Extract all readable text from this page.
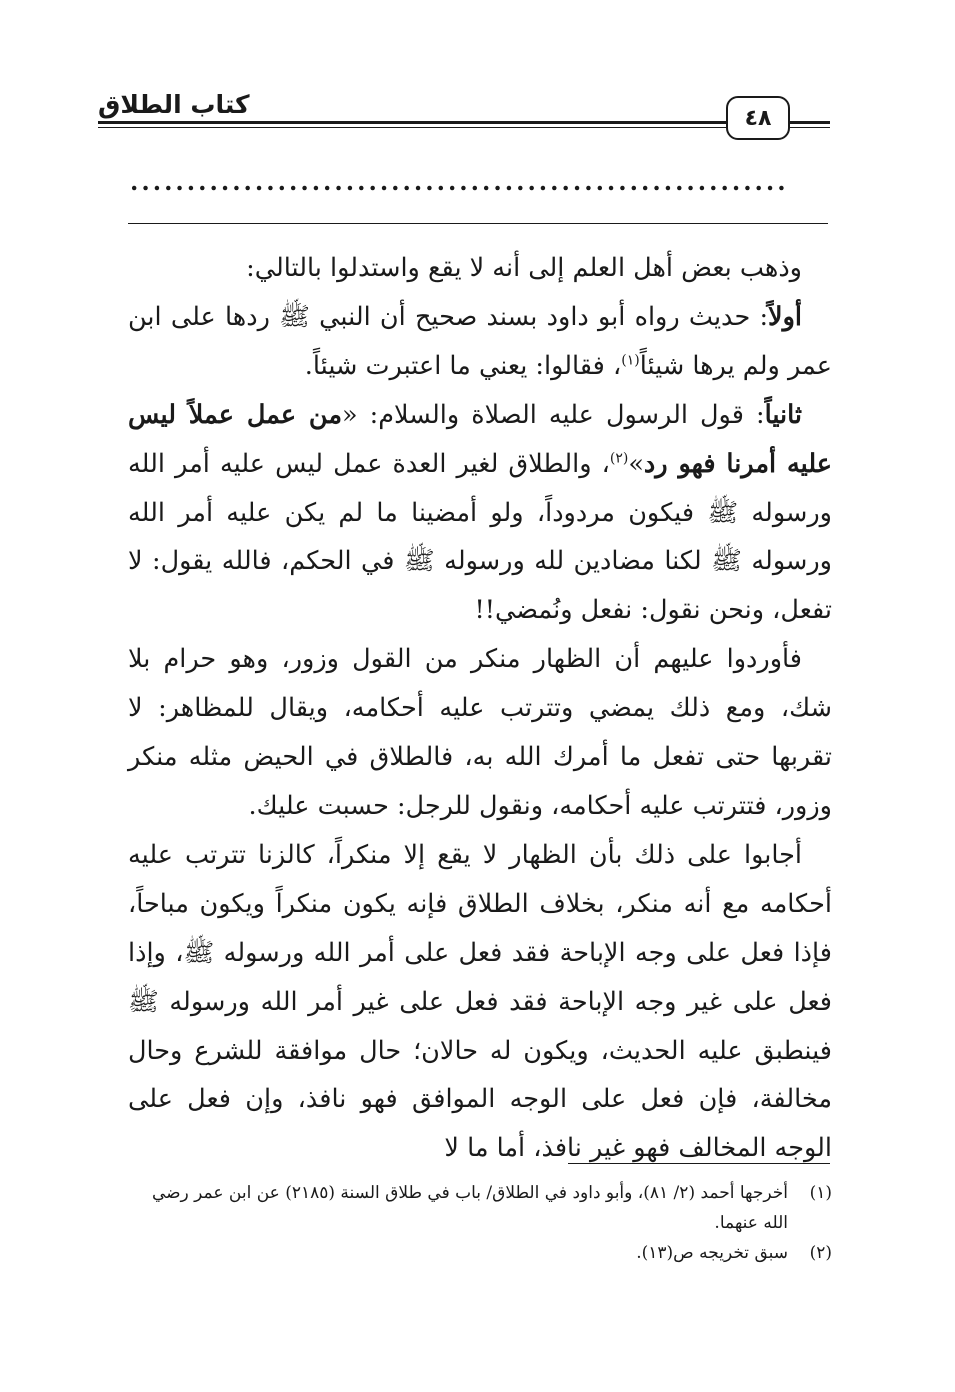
كتاب الطلاق	٤٨
..........................................................

وذهب بعض أهل العلم إلى أنه لا يقع واستدلوا بالتالي:

أولاً: حديث رواه أبو داود بسند صحيح أن النبي ﷺ ردها على ابن عمر ولم يرها شيئاً$^{(١)}$، فقالوا: يعني ما اعتبرت شيئاً.

ثانياً: قول الرسول عليه الصلاة والسلام: «من عمل عملاً ليس عليه أمرنا فهو رد»$^{(٢)}$، والطلاق لغير العدة عمل ليس عليه أمر الله ورسوله ﷺ فيكون مردوداً، ولو أمضينا ما لم يكن عليه أمر الله ورسوله ﷺ لكنا مضادين لله ورسوله ﷺ في الحكم، فالله يقول: لا تفعل، ونحن نقول: نفعل ونُمضي!!

فأوردوا عليهم أن الظهار منكر من القول وزور، وهو حرام بلا شك، ومع ذلك يمضي وتترتب عليه أحكامه، ويقال للمظاهر: لا تقربها حتى تفعل ما أمرك الله به، فالطلاق في الحيض مثله منكر وزور، فتترتب عليه أحكامه، ونقول للرجل: حسبت عليك.

أجابوا على ذلك بأن الظهار لا يقع إلا منكراً، كالزنا تترتب عليه أحكامه مع أنه منكر، بخلاف الطلاق فإنه يكون منكراً ويكون مباحاً، فإذا فعل على وجه الإباحة فقد فعل على أمر الله ورسوله ﷺ، وإذا فعل على غير وجه الإباحة فقد فعل على غير أمر الله ورسوله ﷺ فينطبق عليه الحديث، ويكون له حالان؛ حال موافقة للشرع وحال مخالفة، فإن فعل على الوجه الموافق فهو نافذ، وإن فعل على الوجه المخالف فهو غير نافذ، أما ما لا

(١)
أخرجها أحمد (٢/ ٨١)، وأبو داود في الطلاق/ باب في طلاق السنة (٢١٨٥) عن ابن عمر رضي الله عنهما.
(٢)
سبق تخريجه ص(١٣).
